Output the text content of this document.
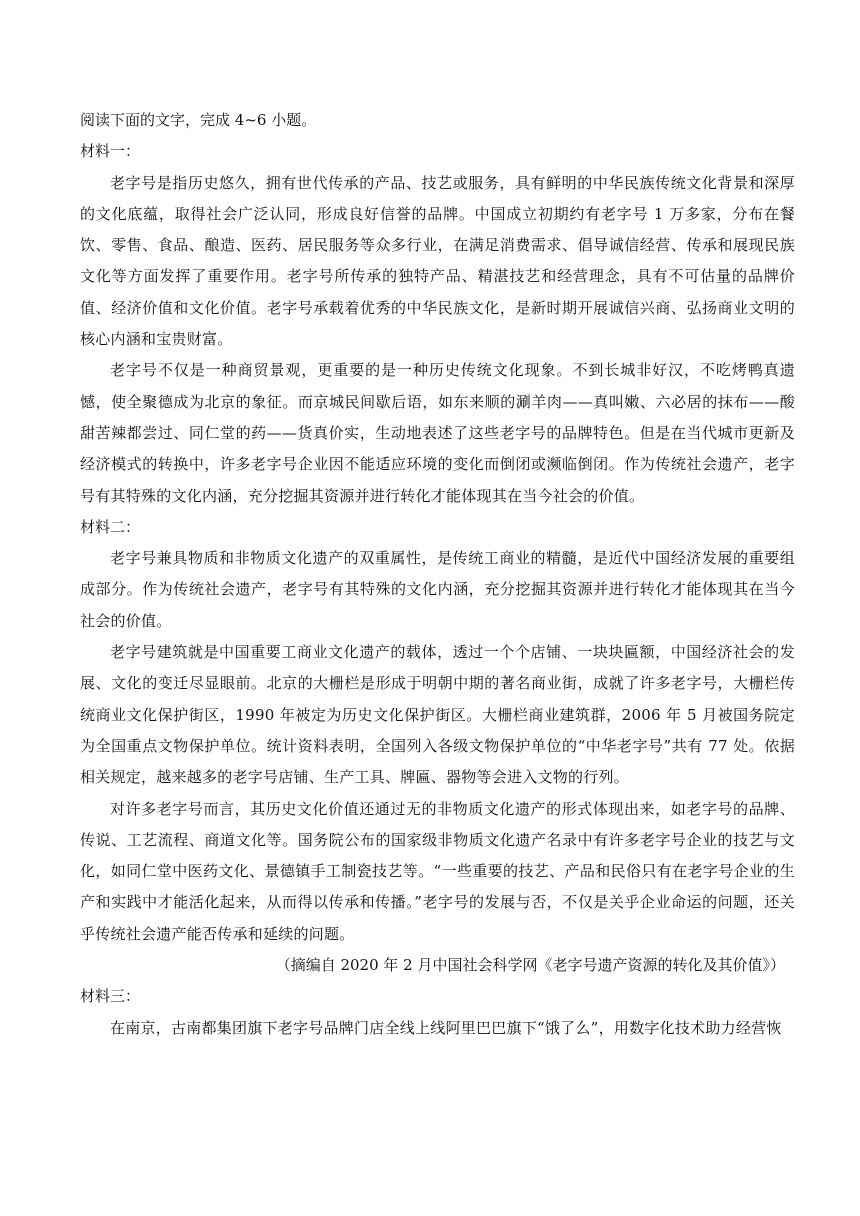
阅读下面的文字，完成 4~6 小题。
材料一：

老字号是指历史悠久，拥有世代传承的产品、技艺或服务，具有鲜明的中华民族传统文化背景和深厚的文化底蕴，取得社会广泛认同，形成良好信誉的品牌。中国成立初期约有老字号 1 万多家，分布在餐饮、零售、食品、酿造、医药、居民服务等众多行业，在满足消费需求、倡导诚信经营、传承和展现民族文化等方面发挥了重要作用。老字号所传承的独特产品、精湛技艺和经营理念，具有不可估量的品牌价值、经济价值和文化价值。老字号承载着优秀的中华民族文化，是新时期开展诚信兴商、弘扬商业文明的核心内涵和宝贵财富。

老字号不仅是一种商贸景观，更重要的是一种历史传统文化现象。不到长城非好汉，不吃烤鸭真遗憾，使全聚德成为北京的象征。而京城民间歇后语，如东来顺的涮羊肉——真叫嫩、六必居的抹布——酸甜苦辣都尝过、同仁堂的药——货真价实，生动地表述了这些老字号的品牌特色。但是在当代城市更新及经济模式的转换中，许多老字号企业因不能适应环境的变化而倒闭或濒临倒闭。作为传统社会遗产，老字号有其特殊的文化内涵，充分挖掘其资源并进行转化才能体现其在当今社会的价值。

材料二：

老字号兼具物质和非物质文化遗产的双重属性，是传统工商业的精髓，是近代中国经济发展的重要组成部分。作为传统社会遗产，老字号有其特殊的文化内涵，充分挖掘其资源并进行转化才能体现其在当今社会的价值。

老字号建筑就是中国重要工商业文化遗产的载体，透过一个个店铺、一块块匾额，中国经济社会的发展、文化的变迁尽显眼前。北京的大栅栏是形成于明朝中期的著名商业街，成就了许多老字号，大栅栏传统商业文化保护街区，1990 年被定为历史文化保护街区。大栅栏商业建筑群，2006 年 5 月被国务院定为全国重点文物保护单位。统计资料表明，全国列入各级文物保护单位的“中华老字号”共有 77 处。依据相关规定，越来越多的老字号店铺、生产工具、牌匾、器物等会进入文物的行列。

对许多老字号而言，其历史文化价值还通过无的非物质文化遗产的形式体现出来，如老字号的品牌、传说、工艺流程、商道文化等。国务院公布的国家级非物质文化遗产名录中有许多老字号企业的技艺与文化，如同仁堂中医药文化、景德镇手工制瓷技艺等。“一些重要的技艺、产品和民俗只有在老字号企业的生产和实践中才能活化起来，从而得以传承和传播。”老字号的发展与否，不仅是关乎企业命运的问题，还关乎传统社会遗产能否传承和延续的问题。

（摘编自 2020 年 2 月中国社会科学网《老字号遗产资源的转化及其价值》）
材料三：

在南京，古南都集团旗下老字号品牌门店全线上线阿里巴巴旗下“饿了么”，用数字化技术助力经营恢
